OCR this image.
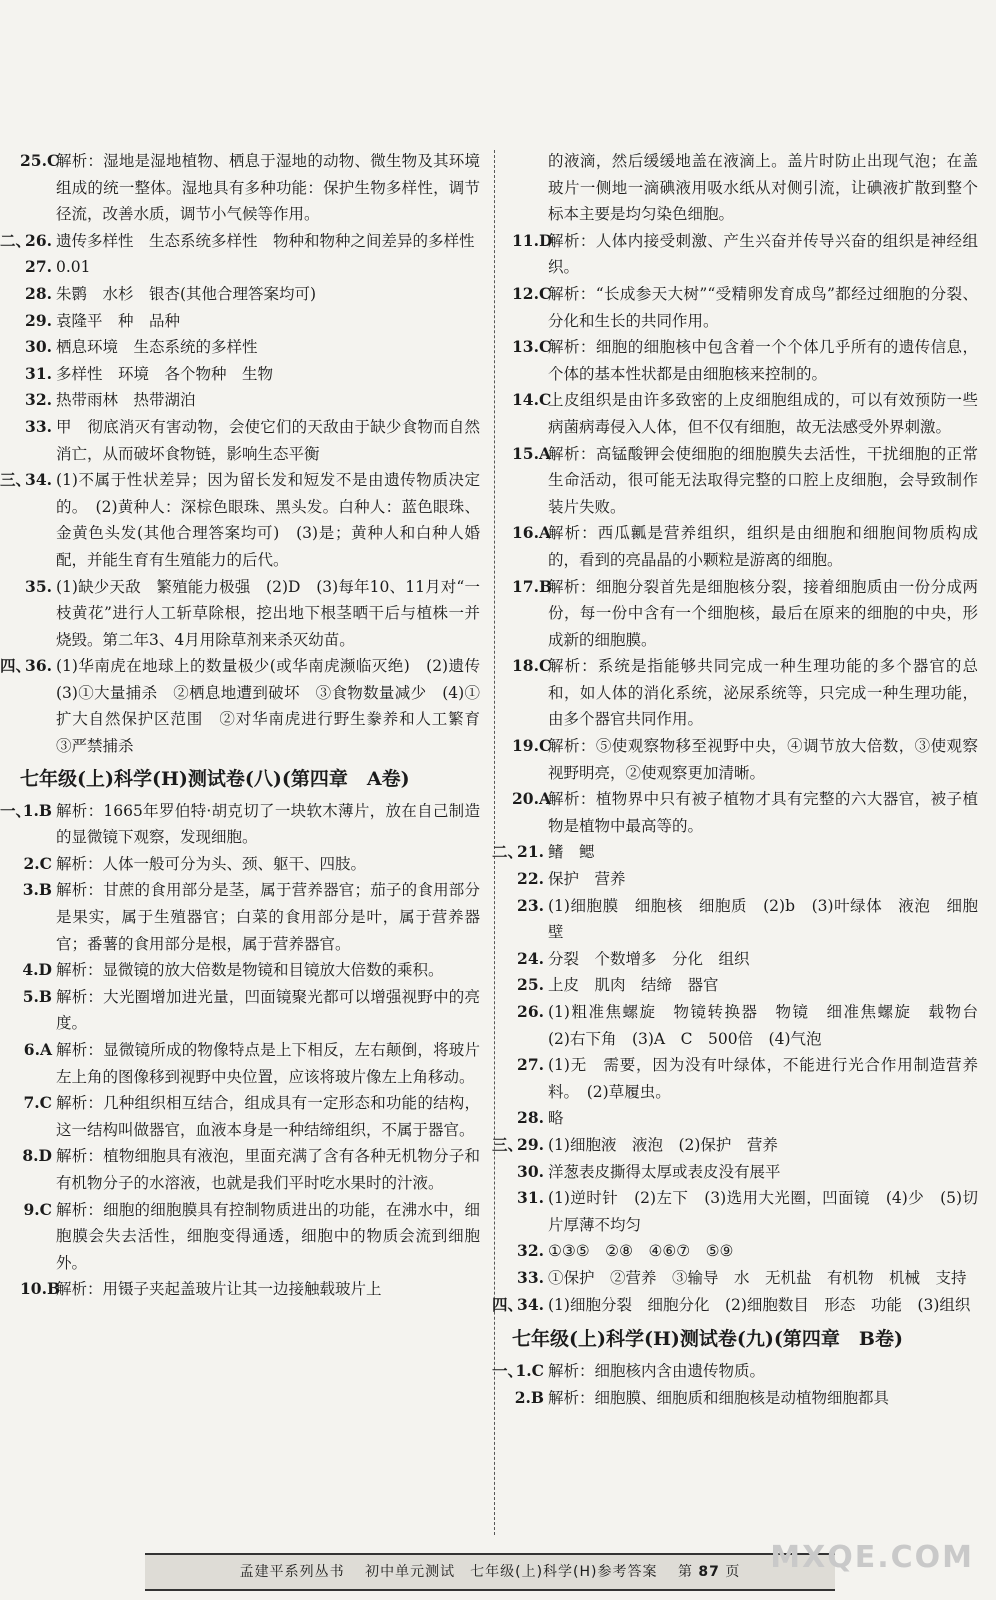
25.C
解析：湿地是湿地植物、栖息于湿地的动物、微生物及其环境组成的统一整体。湿地具有多种功能：保护生物多样性，调节径流，改善水质，调节小气候等作用。

二、
26. 遗传多样性　生态系统多样性　物种和物种之间差异的多样性

27. 0.01

28. 朱鹮　水杉　银杏(其他合理答案均可)

29. 袁隆平　种　品种

30. 栖息环境　生态系统的多样性

31. 多样性　环境　各个物种　生物

32. 热带雨林　热带湖泊

33. 甲　彻底消灭有害动物，会使它们的天敌由于缺少食物而自然消亡，从而破坏食物链，影响生态平衡

三、
34. (1)不属于性状差异；因为留长发和短发不是由遗传物质决定的。　(2)黄种人：深棕色眼珠、黑头发。白种人：蓝色眼珠、金黄色头发(其他合理答案均可)　(3)是；黄种人和白种人婚配，并能生育有生殖能力的后代。

35. (1)缺少天敌　繁殖能力极强　(2)D　(3)每年10、11月对“一枝黄花”进行人工斩草除根，挖出地下根茎晒干后与植株一并烧毁。第二年3、4月用除草剂来杀灭幼苗。

四、
36. (1)华南虎在地球上的数量极少(或华南虎濒临灭绝)　(2)遗传　(3)①大量捕杀　②栖息地遭到破坏　③食物数量减少　(4)①扩大自然保护区范围　②对华南虎进行野生豢养和人工繁育　③严禁捕杀

七年级(上)科学(H)测试卷(八)(第四章　A卷)

一、
1.B 解析：1665年罗伯特·胡克切了一块软木薄片，放在自己制造的显微镜下观察，发现细胞。

2.C 解析：人体一般可分为头、颈、躯干、四肢。

3.B 解析：甘蔗的食用部分是茎，属于营养器官；茄子的食用部分是果实，属于生殖器官；白菜的食用部分是叶，属于营养器官；番薯的食用部分是根，属于营养器官。

4.D 解析：显微镜的放大倍数是物镜和目镜放大倍数的乘积。

5.B 解析：大光圈增加进光量，凹面镜聚光都可以增强视野中的亮度。

6.A 解析：显微镜所成的物像特点是上下相反，左右颠倒，将玻片左上角的图像移到视野中央位置，应该将玻片像左上角移动。

7.C 解析：几种组织相互结合，组成具有一定形态和功能的结构，这一结构叫做器官，血液本身是一种结缔组织，不属于器官。

8.D 解析：植物细胞具有液泡，里面充满了含有各种无机物分子和有机物分子的水溶液，也就是我们平时吃水果时的汁液。

9.C 解析：细胞的细胞膜具有控制物质进出的功能，在沸水中，细胞膜会失去活性，细胞变得通透，细胞中的物质会流到细胞外。

10.B
解析：用镊子夹起盖玻片让其一边接触载玻片上

的液滴，然后缓缓地盖在液滴上。盖片时防止出现气泡；在盖玻片一侧地一滴碘液用吸水纸从对侧引流，让碘液扩散到整个标本主要是均匀染色细胞。

11.D
解析：人体内接受刺激、产生兴奋并传导兴奋的组织是神经组织。

12.C
解析：“长成参天大树”“受精卵发育成鸟”都经过细胞的分裂、分化和生长的共同作用。

13.C
解析：细胞的细胞核中包含着一个个体几乎所有的遗传信息，个体的基本性状都是由细胞核来控制的。

14.C
上皮组织是由许多致密的上皮细胞组成的，可以有效预防一些病菌病毒侵入人体，但不仅有细胞，故无法感受外界刺激。

15.A
解析：高锰酸钾会使细胞的细胞膜失去活性，干扰细胞的正常生命活动，很可能无法取得完整的口腔上皮细胞，会导致制作装片失败。

16.A
解析：西瓜瓤是营养组织，组织是由细胞和细胞间物质构成的，看到的亮晶晶的小颗粒是游离的细胞。

17.B
解析：细胞分裂首先是细胞核分裂，接着细胞质由一份分成两份，每一份中含有一个细胞核，最后在原来的细胞的中央，形成新的细胞膜。

18.C
解析：系统是指能够共同完成一种生理功能的多个器官的总和，如人体的消化系统，泌尿系统等，只完成一种生理功能，由多个器官共同作用。

19.C
解析：⑤使观察物移至视野中央，④调节放大倍数，③使观察视野明亮，②使观察更加清晰。

20.A
解析：植物界中只有被子植物才具有完整的六大器官，被子植物是植物中最高等的。

二、
21. 鳍　鳃

22. 保护　营养

23. (1)细胞膜　细胞核　细胞质　(2)b　(3)叶绿体　液泡　细胞壁

24. 分裂　个数增多　分化　组织

25. 上皮　肌肉　结缔　器官

26. (1)粗准焦螺旋　物镜转换器　物镜　细准焦螺旋　载物台　(2)右下角　(3)A　C　500倍　(4)气泡

27. (1)无　需要，因为没有叶绿体，不能进行光合作用制造营养料。　(2)草履虫。

28. 略

三、
29. (1)细胞液　液泡　(2)保护　营养

30. 洋葱表皮撕得太厚或表皮没有展平

31. (1)逆时针　(2)左下　(3)选用大光圈，凹面镜　(4)少　(5)切片厚薄不均匀

32. ①③⑤　②⑧　④⑥⑦　⑤⑨

33. ①保护　②营养　③输导　水　无机盐　有机物　机械　支持

四、
34. (1)细胞分裂　细胞分化　(2)细胞数目　形态　功能　(3)组织

七年级(上)科学(H)测试卷(九)(第四章　B卷)

一、
1.C 解析：细胞核内含由遗传物质。

2.B 解析：细胞膜、细胞质和细胞核是动植物细胞都具

孟建平系列丛书　 初中单元测试　七年级(上)科学(H)参考答案　 第 87 页 MXQE.COM
